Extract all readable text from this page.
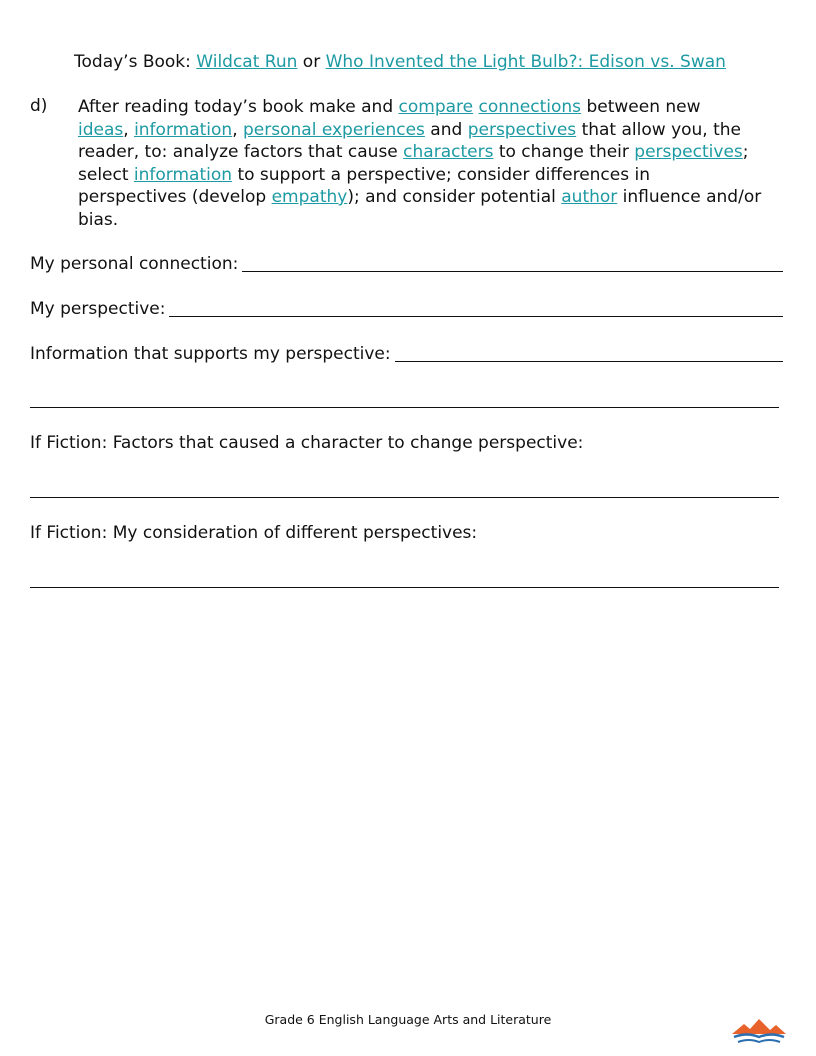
Today’s Book: Wildcat Run or Who Invented the Light Bulb?: Edison vs. Swan
d) After reading today’s book make and compare connections between new
ideas, information, personal experiences and perspectives that allow you, the
reader, to: analyze factors that cause characters to change their perspectives;
select information to support a perspective; consider differences in
perspectives (develop empathy); and consider potential author influence and/or
bias.
My personal connection:
My perspective:
Information that supports my perspective:
If Fiction: Factors that caused a character to change perspective:
If Fiction: My consideration of different perspectives:
Grade 6 English Language Arts and Literature
